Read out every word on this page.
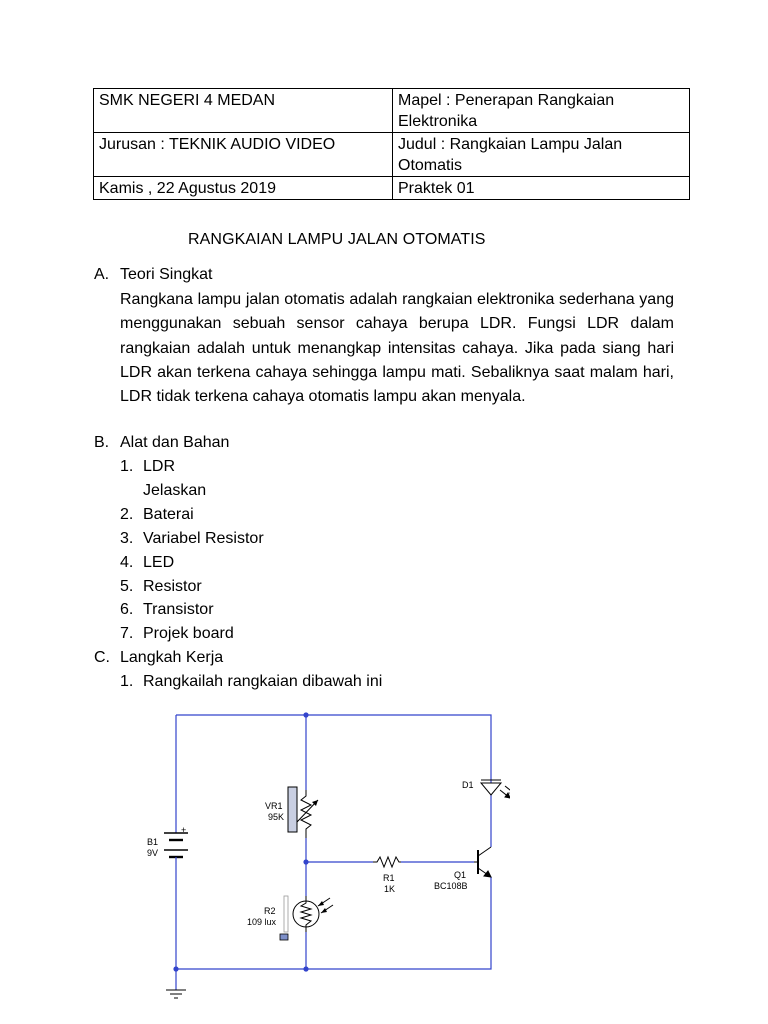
SMK NEGERI 4 MEDAN	Mapel : Penerapan Rangkaian Elektronika
Jurusan : TEKNIK AUDIO VIDEO	Judul : Rangkaian Lampu Jalan Otomatis
Kamis , 22 Agustus 2019	Praktek 01
RANGKAIAN LAMPU JALAN OTOMATIS
A. Teori Singkat
Rangkana lampu jalan otomatis adalah rangkaian elektronika sederhana yang menggunakan sebuah sensor cahaya berupa LDR. Fungsi LDR dalam rangkaian adalah untuk menangkap intensitas cahaya. Jika pada siang hari LDR akan terkena cahaya sehingga lampu mati. Sebaliknya saat malam hari, LDR tidak terkena cahaya otomatis lampu akan menyala.
B. Alat dan Bahan
1. LDR
Jelaskan
2. Baterai
3. Variabel Resistor
4. LED
5. Resistor
6. Transistor
7. Projek board
C. Langkah Kerja
1. Rangkailah rangkaian dibawah ini
+
B1
9V
VR1
95K
R2
109 lux
R1
1K
D1
Q1
BC108B
